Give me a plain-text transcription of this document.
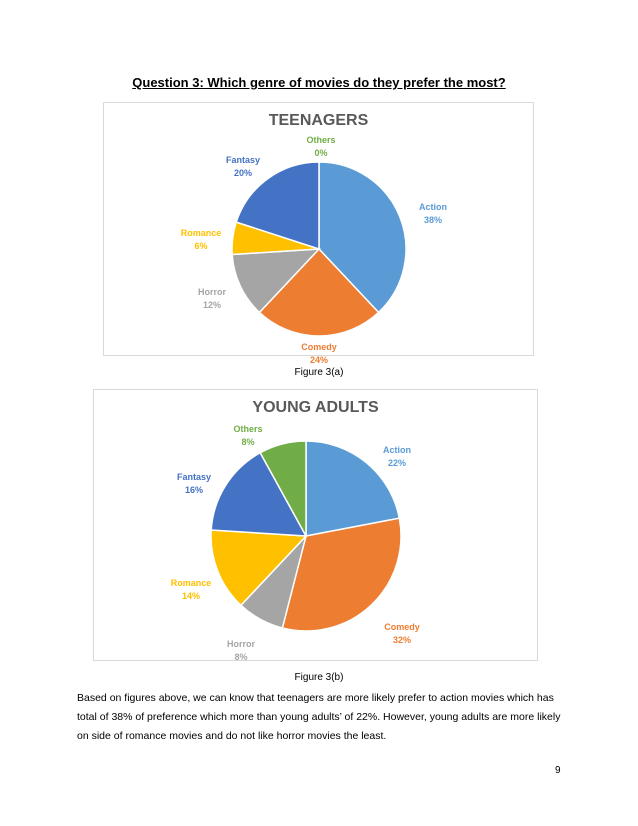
Question 3: Which genre of movies do they prefer the most?
TEENAGERS
Action
38%
Comedy
24%
Horror
12%
Romance
6%
Fantasy
20%
Others
0%
Figure 3(a)
YOUNG ADULTS
Action
22%
Comedy
32%
Horror
8%
Romance
14%
Fantasy
16%
Others
8%
Figure 3(b)

Based on figures above, we can know that teenagers are more likely prefer to action movies which has total of 38% of preference which more than young adults’ of 22%. However, young adults are more likely on side of romance movies and do not like horror movies the least.

9
